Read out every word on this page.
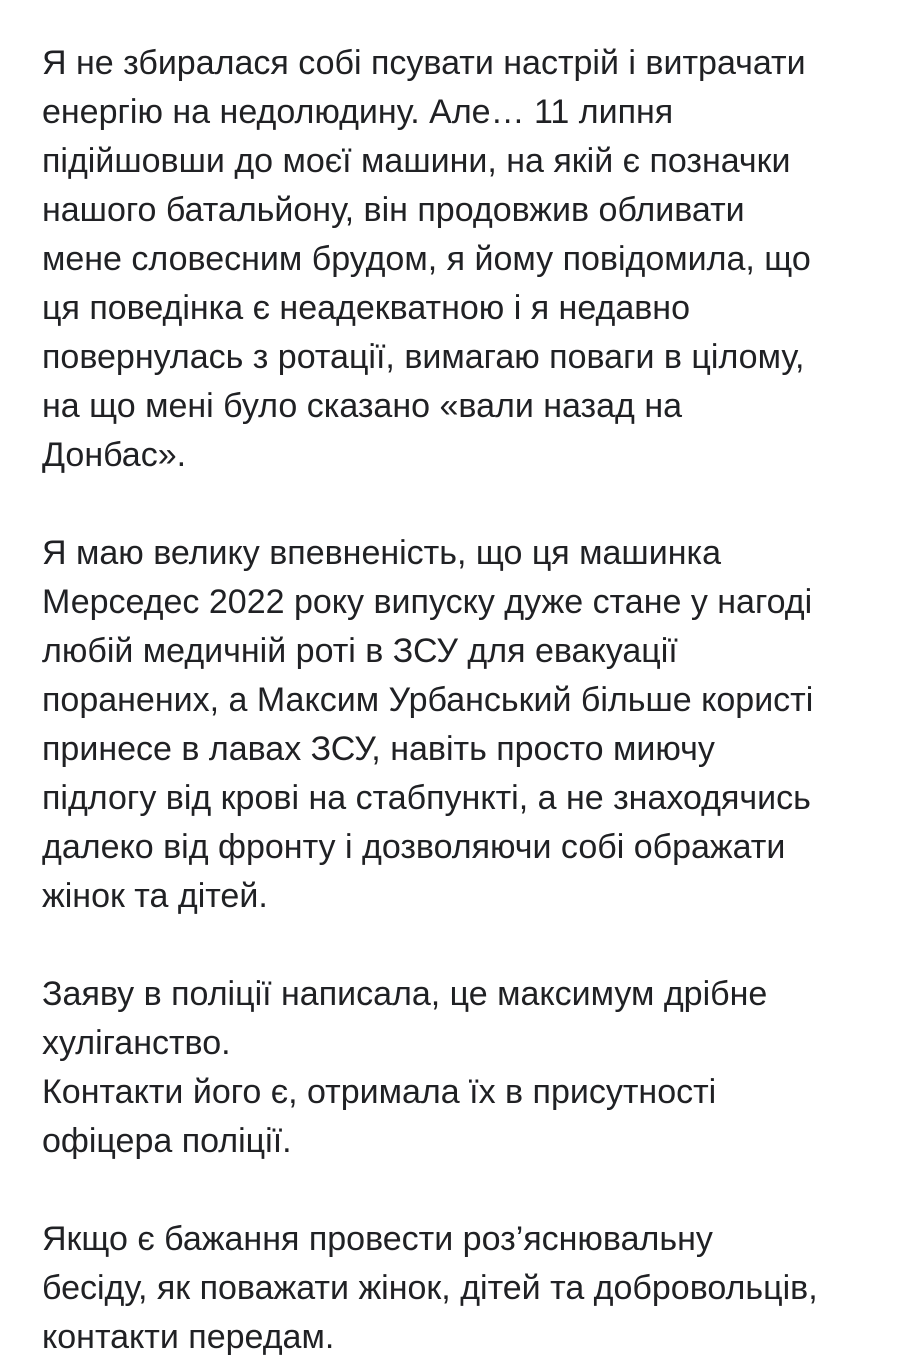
Я не збиралася собі псувати настрій і витрачати
енергію на недолюдину. Але… 11 липня
підійшовши до моєї машини, на якій є позначки
нашого батальйону, він продовжив обливати
мене словесним брудом, я йому повідомила, що
ця поведінка є неадекватною і я недавно
повернулась з ротації, вимагаю поваги в цілому,
на що мені було сказано «вали назад на
Донбас».
Я маю велику впевненість, що ця машинка
Мерседес 2022 року випуску дуже стане у нагоді
любій медичній роті в ЗСУ для евакуації
поранених, а Максим Урбанський більше користі
принесе в лавах ЗСУ, навіть просто миючу
підлогу від крові на стабпункті, а не знаходячись
далеко від фронту і дозволяючи собі ображати
жінок та дітей.
Заяву в поліції написала, це максимум дрібне
хуліганство.
Контакти його є, отримала їх в присутності
офіцера поліції.
Якщо є бажання провести роз’яснювальну
бесіду, як поважати жінок, дітей та добровольців,
контакти передам.
